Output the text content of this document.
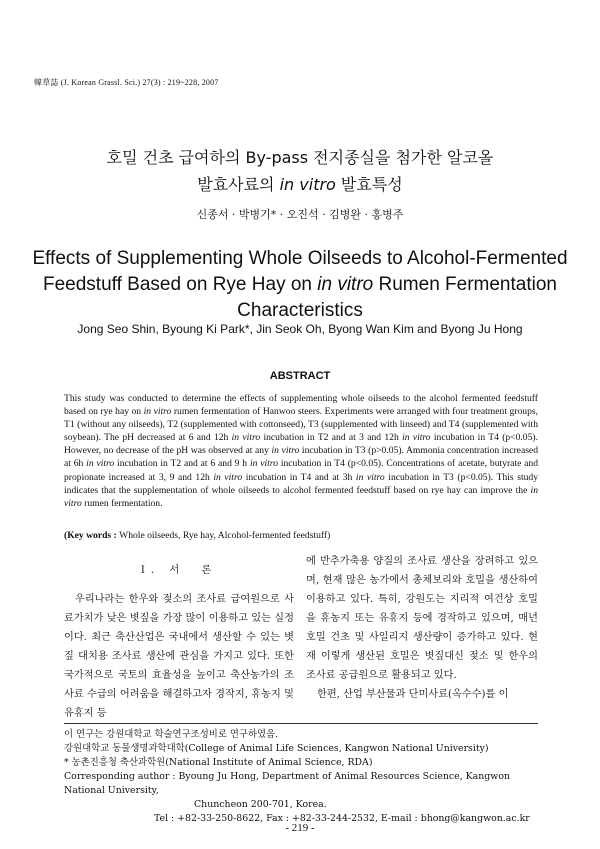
韓草誌 (J. Korean Grassl. Sci.) 27(3) : 219~228, 2007
호밀 건초 급여하의 By-pass 전지종실을 첨가한 알코올
발효사료의 in vitro 발효특성
신종서 · 박병기* · 오진석 · 김병완 · 홍병주
Effects of Supplementing Whole Oilseeds to Alcohol-Fermented
Feedstuff Based on Rye Hay on in vitro Rumen Fermentation
Characteristics
Jong Seo Shin, Byoung Ki Park*, Jin Seok Oh, Byong Wan Kim and Byong Ju Hong
ABSTRACT
This study was conducted to determine the effects of supplementing whole oilseeds to the alcohol fermented feedstuff based on rye hay on in vitro rumen fermentation of Hanwoo steers. Experiments were arranged with four treatment groups, T1 (without any oilseeds), T2 (supplemented with cottonseed), T3 (supplemented with linseed) and T4 (supplemented with soybean). The pH decreased at 6 and 12h in vitro incubation in T2 and at 3 and 12h in vitro incubation in T4 (p<0.05). However, no decrease of the pH was observed at any in vitro incubation in T3 (p>0.05). Ammonia concentration increased at 6h in vitro incubation in T2 and at 6 and 9 h in vitro incubation in T4 (p<0.05). Concentrations of acetate, butyrate and propionate increased at 3, 9 and 12h in vitro incubation in T4 and at 3h in vitro incubation in T3 (p<0.05). This study indicates that the supplementation of whole oilseeds to alcohol fermented feedstuff based on rye hay can improve the in vitro rumen fermentation.
(Key words : Whole oilseeds, Rye hay, Alcohol-fermented feedstuff)
I. 서　론
우리나라는 한우와 젖소의 조사료 급여원으로 사료가치가 낮은 볏짚을 가장 많이 이용하고 있는 실정이다. 최근 축산산업은 국내에서 생산할 수 있는 볏짚 대치용 조사료 생산에 관심을 가지고 있다. 또한 국가적으로 국토의 효율성을 높이고 축산농가의 조사료 수급의 어려움을 해결하고자 경작지, 휴농지 및 유휴지 등
에 반추가축용 양질의 조사료 생산을 장려하고 있으며, 현재 많은 농가에서 총체보리와 호밀을 생산하여 이용하고 있다. 특히, 강원도는 지리적 여건상 호밀을 휴농지 또는 유휴지 등에 경작하고 있으며, 매년 호밀 건초 및 사일리지 생산량이 증가하고 있다. 현재 이렇게 생산된 호밀은 볏짚대신 젖소 및 한우의 조사료 공급원으로 활용되고 있다.
한편, 산업 부산물과 단미사료(옥수수)를 이
이 연구는 강원대학교 학술연구조성비로 연구하였음.
강원대학교 동물생명과학대학(College of Animal Life Sciences, Kangwon National University)
* 농촌진흥청 축산과학원(National Institute of Animal Science, RDA)
Corresponding author : Byoung Ju Hong, Department of Animal Resources Science, Kangwon National University,
Chuncheon 200-701, Korea.
Tel : +82-33-250-8622, Fax : +82-33-244-2532, E-mail : bhong@kangwon.ac.kr
- 219 -
